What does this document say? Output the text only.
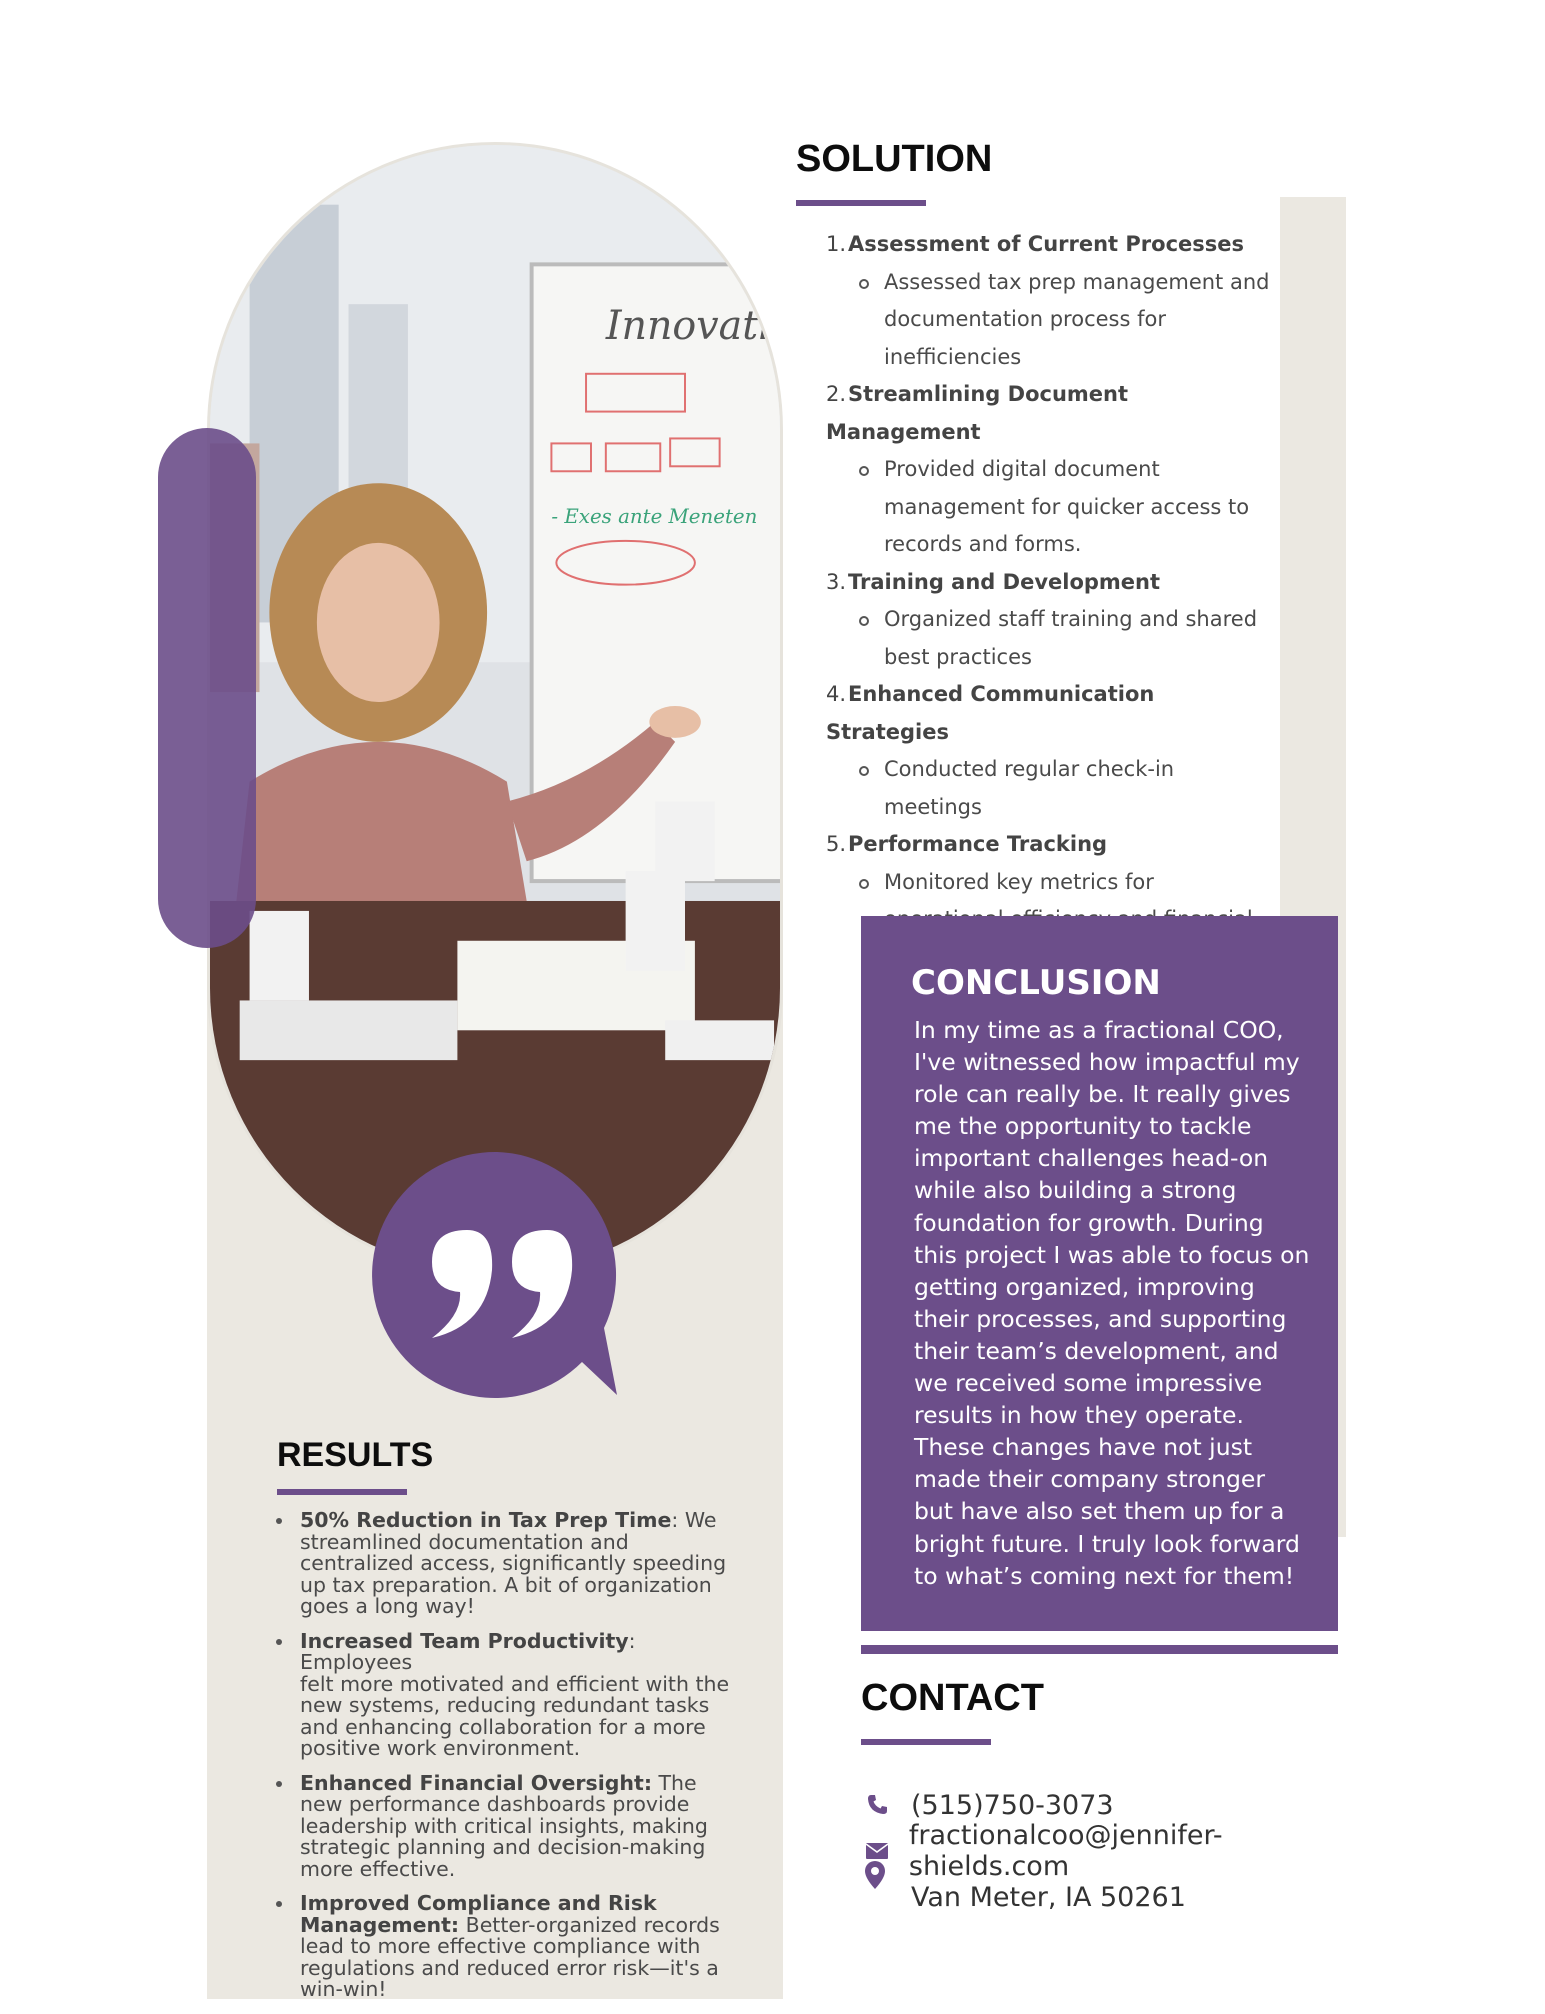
Innovati
- Exes ante Meneten
SOLUTION
1.Assessment of Current Processes
Assessed tax prep management and
documentation process for
inefficiencies
2.Streamlining Document Management
Provided digital document
management for quicker access to
records and forms.
3.Training and Development
Organized staff training and shared
best practices
4.Enhanced Communication Strategies
Conducted regular check-in
meetings
5.Performance Tracking
Monitored key metrics for

CONCLUSION

In my time as a fractional COO,
I've witnessed how impactful my
role can really be. It really gives
me the opportunity to tackle
important challenges head-on
while also building a strong
foundation for growth. During
this project I was able to focus on
getting organized, improving
their processes, and supporting
their team’s development, and
we received some impressive
results in how they operate.
These changes have not just
made their company stronger
but have also set them up for a
bright future. I truly look forward
to what’s coming next for them!

CONTACT
(515)750-3073
fractionalcoo@jennifer-shields.com
Van Meter, IA 50261
RESULTS
50% Reduction in Tax Prep Time: We
streamlined documentation and
centralized access, significantly speeding
up tax preparation. A bit of organization
goes a long way!
Increased Team Productivity: Employees
felt more motivated and efficient with the
new systems, reducing redundant tasks
and enhancing collaboration for a more
positive work environment.
Enhanced Financial Oversight: The
new performance dashboards provide
leadership with critical insights, making
strategic planning and decision-making
more effective.
Improved Compliance and Risk Management: Better-organized records
lead to more effective compliance with
regulations and reduced error risk—it's a
win-win!
